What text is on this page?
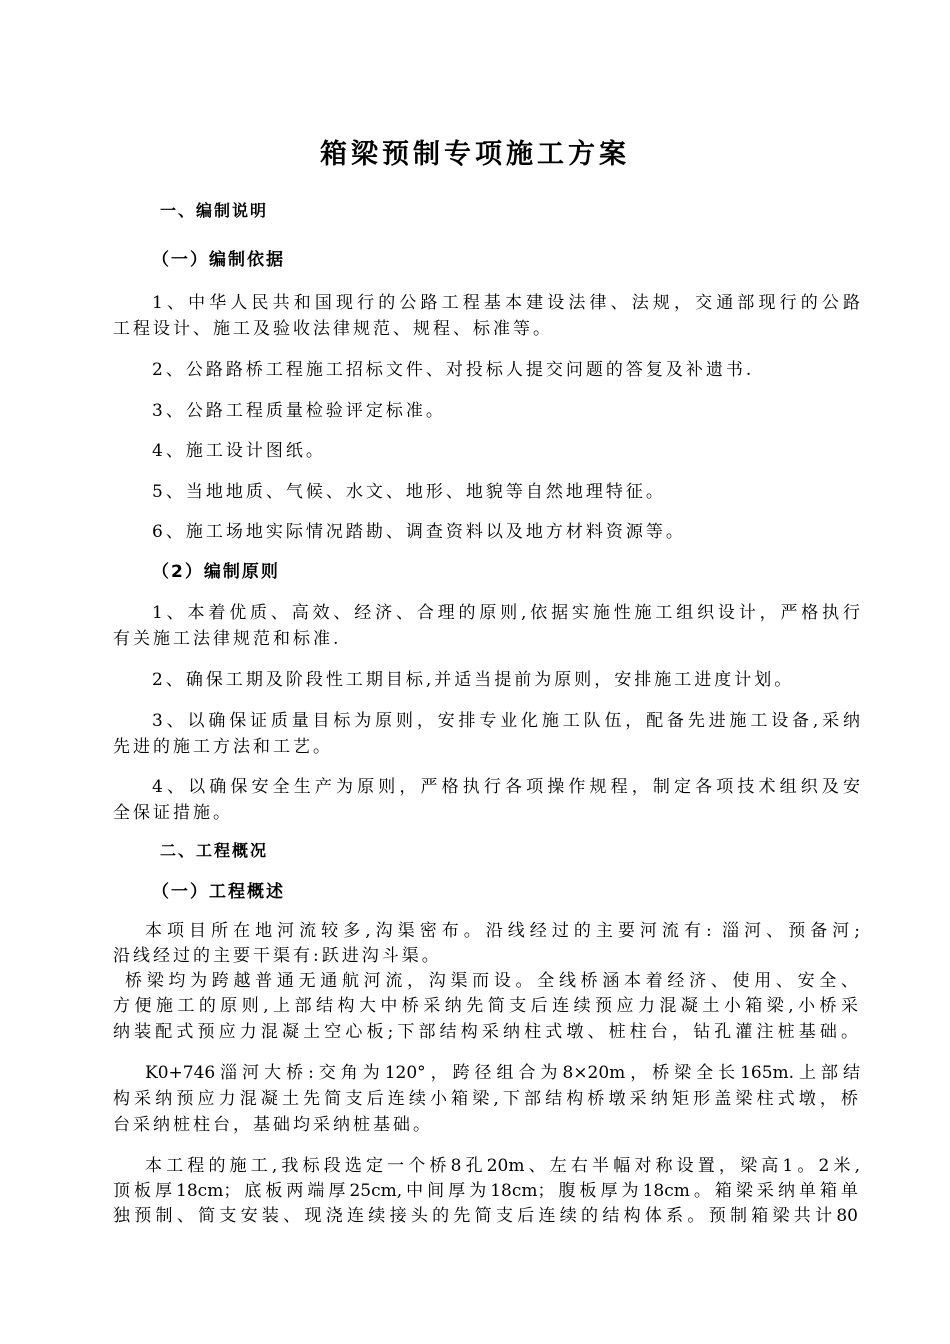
箱梁预制专项施工方案
一、编制说明
（一）编制依据
1、中华人民共和国现行的公路工程基本建设法律、法规，交通部现行的公路
工程设计、施工及验收法律规范、规程、标准等。
2、公路路桥工程施工招标文件、对投标人提交问题的答复及补遗书.
3、公路工程质量检验评定标准。
4、施工设计图纸。
5、当地地质、气候、水文、地形、地貌等自然地理特征。
6、施工场地实际情况踏勘、调查资料以及地方材料资源等。
（2）编制原则
1、本着优质、高效、经济、合理的原则,依据实施性施工组织设计，严格执行
有关施工法律规范和标准.
2、确保工期及阶段性工期目标,并适当提前为原则，安排施工进度计划。
3、以确保证质量目标为原则，安排专业化施工队伍，配备先进施工设备,采纳
先进的施工方法和工艺。
4、以确保安全生产为原则，严格执行各项操作规程，制定各项技术组织及安
全保证措施。
二、工程概况
（一）工程概述
本项目所在地河流较多,沟渠密布。沿线经过的主要河流有: 淄河、预备河;
沿线经过的主要干渠有:跃进沟斗渠。
桥梁均为跨越普通无通航河流，沟渠而设。全线桥涵本着经济、使用、安全、
方便施工的原则,上部结构大中桥采纳先简支后连续预应力混凝土小箱梁,小桥采
纳装配式预应力混凝土空心板;下部结构采纳柱式墩、桩柱台，钻孔灌注桩基础。
K0+746淄河大桥:交角为120°，跨径组合为8×20m，桥梁全长165m.上部结
构采纳预应力混凝土先简支后连续小箱梁,下部结构桥墩采纳矩形盖梁柱式墩，桥
台采纳桩柱台，基础均采纳桩基础。
本工程的施工,我标段选定一个桥8孔20m、左右半幅对称设置，梁高1。2米,
顶板厚18cm；底板两端厚25cm,中间厚为18cm；腹板厚为18cm。箱梁采纳单箱单
独预制、简支安装、现浇连续接头的先简支后连续的结构体系。预制箱梁共计80
